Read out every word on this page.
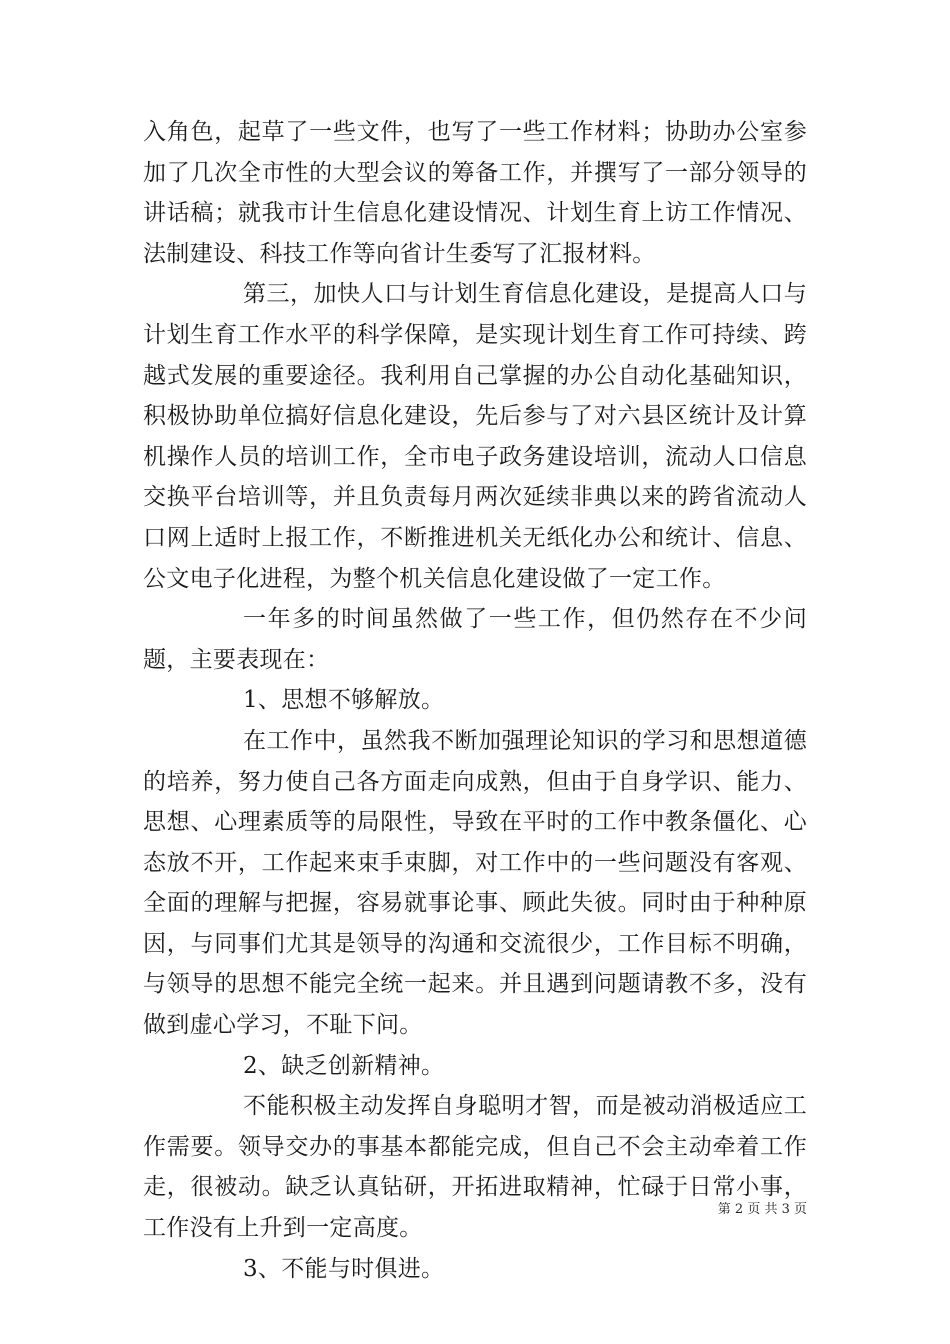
入角色，起草了一些文件，也写了一些工作材料；协助办公室参加了几次全市性的大型会议的筹备工作，并撰写了一部分领导的讲话稿；就我市计生信息化建设情况、计划生育上访工作情况、法制建设、科技工作等向省计生委写了汇报材料。

第三，加快人口与计划生育信息化建设，是提高人口与计划生育工作水平的科学保障，是实现计划生育工作可持续、跨越式发展的重要途径。我利用自己掌握的办公自动化基础知识，积极协助单位搞好信息化建设，先后参与了对六县区统计及计算机操作人员的培训工作，全市电子政务建设培训，流动人口信息交换平台培训等，并且负责每月两次延续非典以来的跨省流动人口网上适时上报工作，不断推进机关无纸化办公和统计、信息、公文电子化进程，为整个机关信息化建设做了一定工作。

一年多的时间虽然做了一些工作，但仍然存在不少问题，主要表现在：

1、思想不够解放。

在工作中，虽然我不断加强理论知识的学习和思想道德的培养，努力使自己各方面走向成熟，但由于自身学识、能力、思想、心理素质等的局限性，导致在平时的工作中教条僵化、心态放不开，工作起来束手束脚，对工作中的一些问题没有客观、全面的理解与把握，容易就事论事、顾此失彼。同时由于种种原因，与同事们尤其是领导的沟通和交流很少，工作目标不明确，与领导的思想不能完全统一起来。并且遇到问题请教不多，没有做到虚心学习，不耻下问。

2、缺乏创新精神。

不能积极主动发挥自身聪明才智，而是被动消极适应工作需要。领导交办的事基本都能完成，但自己不会主动牵着工作走，很被动。缺乏认真钻研，开拓进取精神，忙碌于日常小事，工作没有上升到一定高度。

3、不能与时俱进。

第 2 页 共 3 页
